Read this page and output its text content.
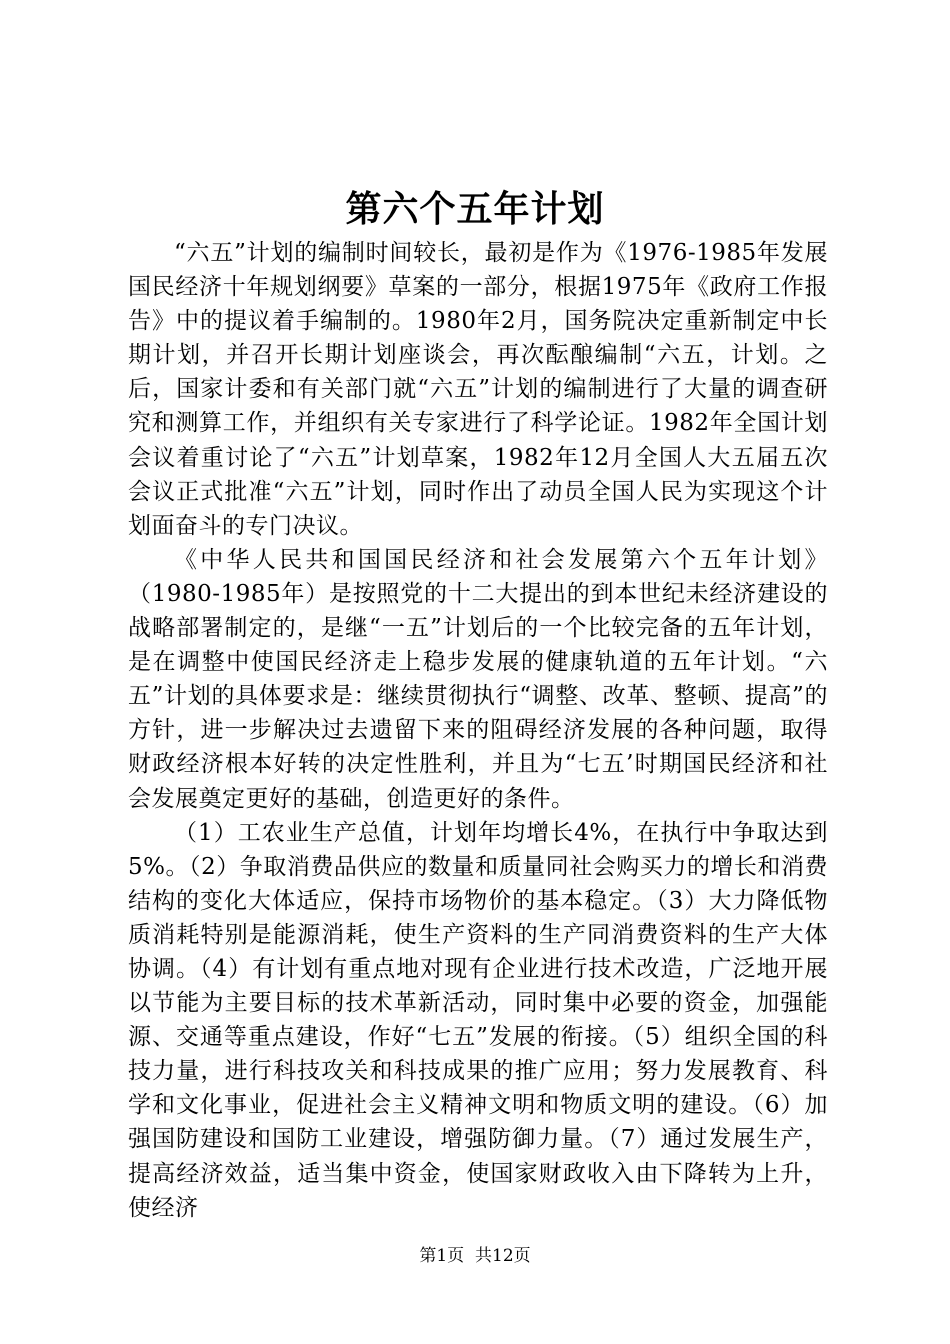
第六个五年计划

“六五”计划的编制时间较长，最初是作为《1976-1985年发展国民经济十年规划纲要》草案的一部分，根据1975年《政府工作报告》中的提议着手编制的。1980年2月，国务院决定重新制定中长期计划，并召开长期计划座谈会，再次酝酿编制“六五，计划。之后，国家计委和有关部门就“六五”计划的编制进行了大量的调查研究和测算工作，并组织有关专家进行了科学论证。1982年全国计划会议着重讨论了“六五”计划草案，1982年12月全国人大五届五次会议正式批准“六五”计划，同时作出了动员全国人民为实现这个计划面奋斗的专门决议。

《中华人民共和国国民经济和社会发展第六个五年计划》（1980-1985年）是按照党的十二大提出的到本世纪未经济建设的战略部署制定的，是继“一五”计划后的一个比较完备的五年计划，是在调整中使国民经济走上稳步发展的健康轨道的五年计划。“六五”计划的具体要求是：继续贯彻执行“调整、改革、整顿、提高”的方针，进一步解决过去遗留下来的阻碍经济发展的各种问题，取得财政经济根本好转的决定性胜利，并且为“七五’时期国民经济和社会发展奠定更好的基础，创造更好的条件。

（1）工农业生产总值，计划年均增长4%，在执行中争取达到5%。（2）争取消费品供应的数量和质量同社会购买力的增长和消费结构的变化大体适应，保持市场物价的基本稳定。（3）大力降低物质消耗特别是能源消耗，使生产资料的生产同消费资料的生产大体协调。（4）有计划有重点地对现有企业进行技术改造，广泛地开展以节能为主要目标的技术革新活动，同时集中必要的资金，加强能源、交通等重点建设，作好“七五”发展的衔接。（5）组织全国的科技力量，进行科技攻关和科技成果的推广应用；努力发展教育、科学和文化事业，促进社会主义精神文明和物质文明的建设。（6）加强国防建设和国防工业建设，增强防御力量。（7）通过发展生产，提高经济效益，适当集中资金，使国家财政收入由下降转为上升，使经济

第1页 共12页
